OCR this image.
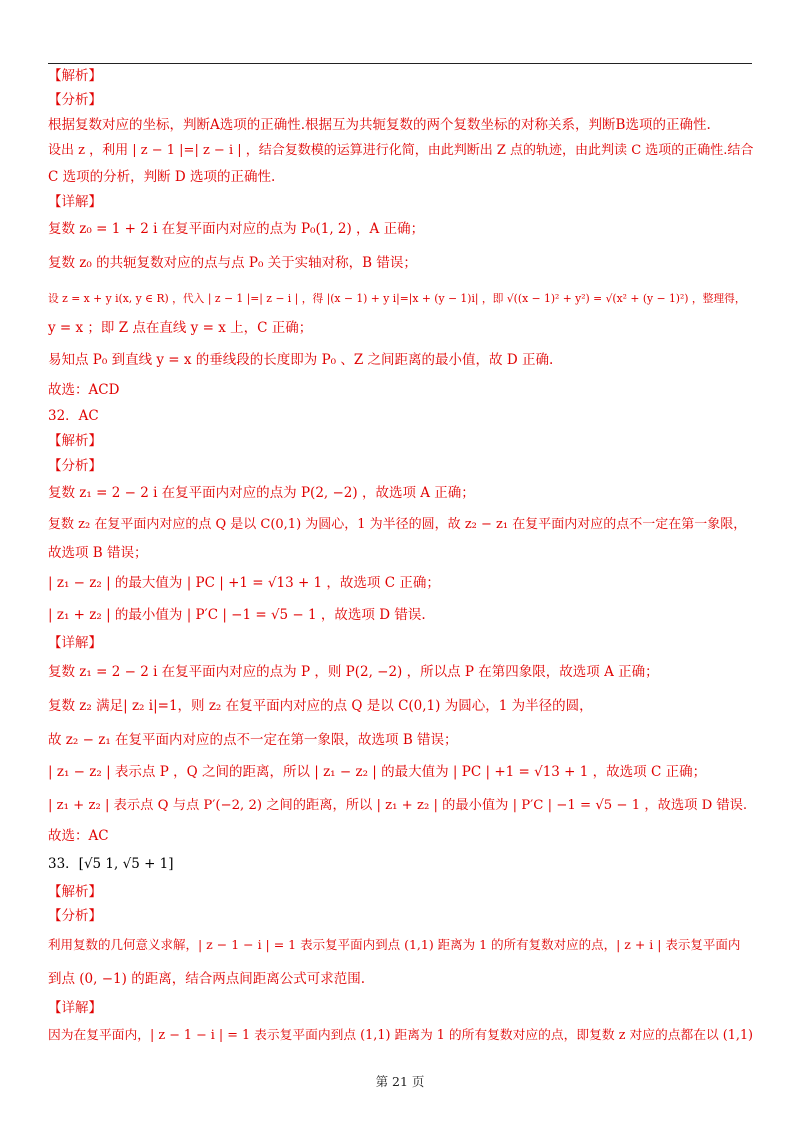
【解析】
【分析】
根据复数对应的坐标，判断A选项的正确性.根据互为共轭复数的两个复数坐标的对称关系，判断B选项的正确性.
设出 z ，利用 | z − 1 |=| z − i | ，结合复数模的运算进行化简，由此判断出 Z 点的轨迹，由此判读 C 选项的正确性.结合
C 选项的分析，判断 D 选项的正确性.
【详解】
复数 z₀ = 1 + 2 i 在复平面内对应的点为 P₀(1, 2) ，A 正确；
复数 z₀ 的共轭复数对应的点与点 P₀ 关于实轴对称，B 错误；
设 z = x + y i(x, y ∈ R) ，代入 | z − 1 |=| z − i | ，得 |(x − 1) + y i|=|x + (y − 1)i| ，即 √((x − 1)² + y²) = √(x² + (y − 1)²) ，整理得，
y = x ；即 Z 点在直线 y = x 上，C 正确；
易知点 P₀ 到直线 y = x 的垂线段的长度即为 P₀ 、Z 之间距离的最小值，故 D 正确.
故选：ACD
32．AC
【解析】
【分析】
复数 z₁ = 2 − 2 i 在复平面内对应的点为 P(2, −2) ，故选项 A 正确；
复数 z₂ 在复平面内对应的点 Q 是以 C(0,1) 为圆心，1 为半径的圆，故 z₂ − z₁ 在复平面内对应的点不一定在第一象限，
故选项 B 错误；
| z₁ − z₂ | 的最大值为 | PC | +1 = √13 + 1 ，故选项 C 正确；
| z₁ + z₂ | 的最小值为 | P′C | −1 = √5 − 1 ，故选项 D 错误.
【详解】
复数 z₁ = 2 − 2 i 在复平面内对应的点为 P ，则 P(2, −2) ，所以点 P 在第四象限，故选项 A 正确；
复数 z₂ 满足| z₂ i|=1，则 z₂ 在复平面内对应的点 Q 是以 C(0,1) 为圆心，1 为半径的圆，
故 z₂ − z₁ 在复平面内对应的点不一定在第一象限，故选项 B 错误；
| z₁ − z₂ | 表示点 P ，Q 之间的距离，所以 | z₁ − z₂ | 的最大值为 | PC | +1 = √13 + 1 ，故选项 C 正确；
| z₁ + z₂ | 表示点 Q 与点 P′(−2, 2) 之间的距离，所以 | z₁ + z₂ | 的最小值为 | P′C | −1 = √5 − 1 ，故选项 D 错误.
故选：AC
33．[√5 1, √5 + 1]
【解析】
【分析】
利用复数的几何意义求解，| z − 1 − i | = 1 表示复平面内到点 (1,1) 距离为 1 的所有复数对应的点，| z + i | 表示复平面内
到点 (0, −1) 的距离，结合两点间距离公式可求范围.
【详解】
因为在复平面内，| z − 1 − i | = 1 表示复平面内到点 (1,1) 距离为 1 的所有复数对应的点，即复数 z 对应的点都在以 (1,1)
第 21 页
